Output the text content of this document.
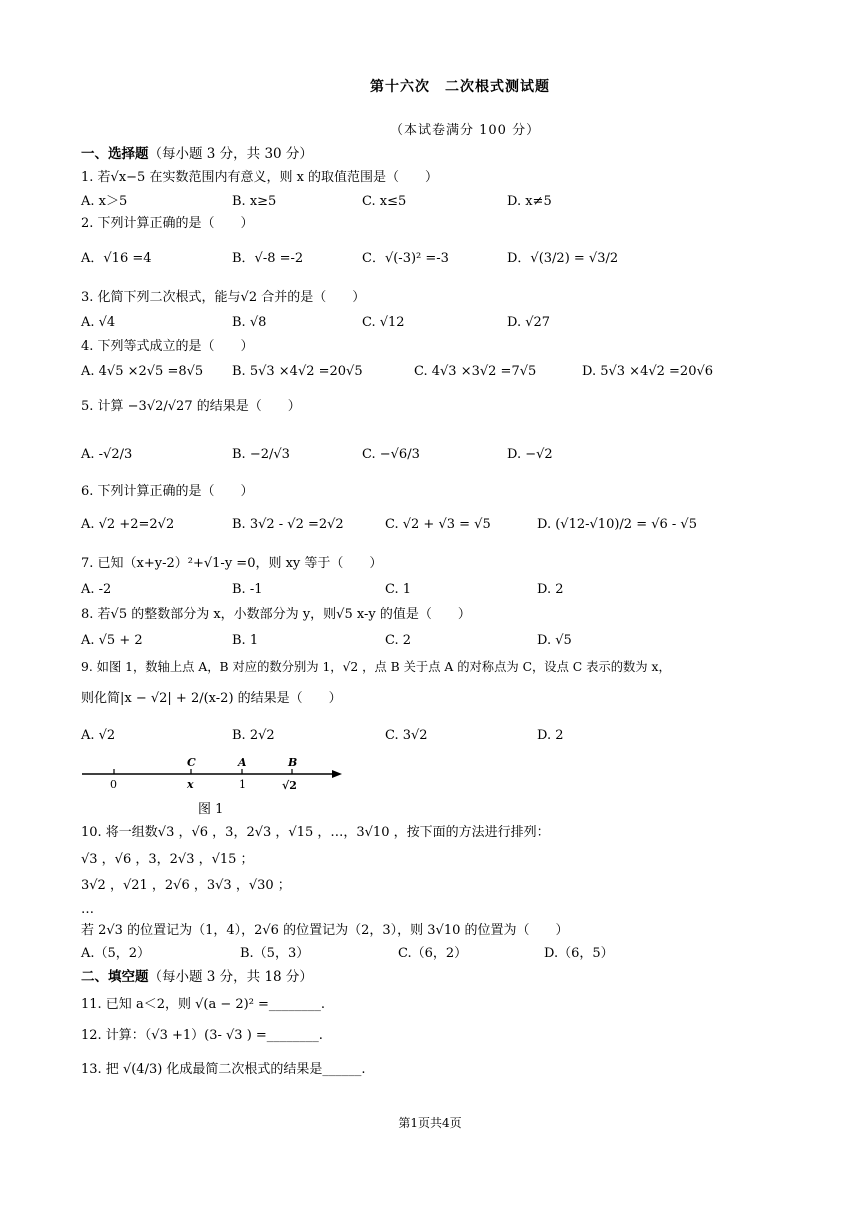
第十六次　二次根式测试题
（本试卷满分 100 分）
一、选择题（每小题 3 分，共 30 分）
1. 若√x−5 在实数范围内有意义，则 x 的取值范围是（　　）
A. x＞5	B. x≥5	C. x≤5	D. x≠5
2. 下列计算正确的是（　　）
A．√16 =4	B．√-8 =-2	C．√(-3)² =-3	D．√(3/2) = √3/2
3. 化简下列二次根式，能与√2 合并的是（　　）
A. √4	B. √8	C. √12	D. √27
4. 下列等式成立的是（　　）
A. 4√5 ×2√5 =8√5 B. 5√3 ×4√2 =20√5	C. 4√3 ×3√2 =7√5	D. 5√3 ×4√2 =20√6
5. 计算 −3√2/√27 的结果是（　　）
A. -√2/3	B. −2/√3	C. −√6/3	D. −√2
6. 下列计算正确的是（　　）
A. √2 +2=2√2	B. 3√2 - √2 =2√2	C. √2 + √3 = √5	D. (√12-√10)/2 = √6 - √5
7. 已知（x+y-2）²+√1-y =0，则 xy 等于（　　）
A. -2	B. -1	C. 1	D. 2
8. 若√5 的整数部分为 x，小数部分为 y，则√5 x-y 的值是（　　）
A. √5 + 2	B. 1	C. 2	D. √5
9. 如图 1，数轴上点 A，B 对应的数分别为 1，√2 ，点 B 关于点 A 的对称点为 C，设点 C 表示的数为 x，
则化简|x − √2| + 2/(x-2) 的结果是（　　）
A. √2	B. 2√2	C. 3√2	D. 2
C	A	B
0	x	1	√2
图 1
10. 将一组数√3 ，√6 ，3，2√3 ，√15 ，…，3√10 ，按下面的方法进行排列：
√3 ，√6 ，3，2√3 ，√15 ；
3√2 ，√21 ，2√6 ，3√3 ，√30 ；
…
若 2√3 的位置记为（1，4），2√6 的位置记为（2，3），则 3√10 的位置为（　　）
A.（5，2）	B.（5，3）	C.（6，2）	D.（6，5）
二、填空题（每小题 3 分，共 18 分）
11. 已知 a＜2，则 √(a − 2)² =________.
12. 计算：（√3 +1）(3- √3 ) =________.
13. 把 √(4/3) 化成最简二次根式的结果是______.
第1页共4页
